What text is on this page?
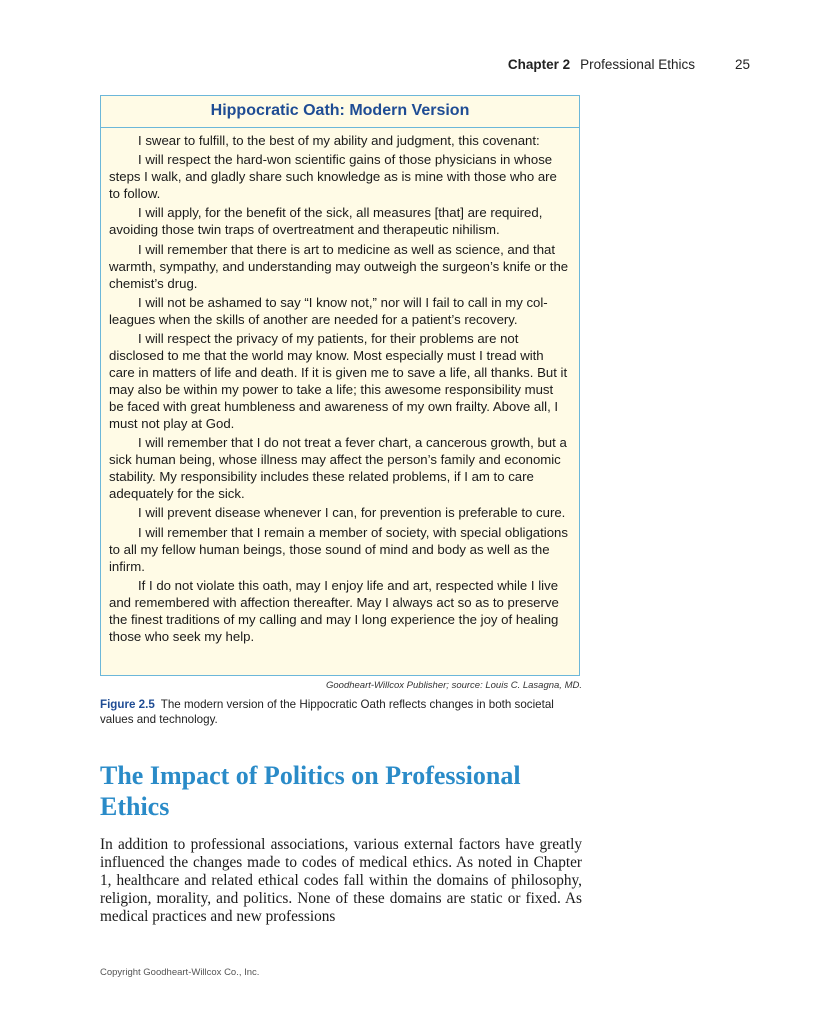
Chapter 2 Professional Ethics	25
Hippocratic Oath: Modern Version

I swear to fulfill, to the best of my ability and judgment, this covenant:

I will respect the hard-won scientific gains of those physicians in whose steps I walk, and gladly share such knowledge as is mine with those who are to follow.

I will apply, for the benefit of the sick, all measures [that] are required, avoiding those twin traps of overtreatment and therapeutic nihilism.

I will remember that there is art to medicine as well as science, and that warmth, sympathy, and understanding may outweigh the surgeon’s knife or the chemist’s drug.

I will not be ashamed to say “I know not,” nor will I fail to call in my col-leagues when the skills of another are needed for a patient’s recovery.

I will respect the privacy of my patients, for their problems are not disclosed to me that the world may know. Most especially must I tread with care in matters of life and death. If it is given me to save a life, all thanks. But it may also be within my power to take a life; this awesome responsibility must be faced with great humbleness and awareness of my own frailty. Above all, I must not play at God.

I will remember that I do not treat a fever chart, a cancerous growth, but a sick human being, whose illness may affect the person’s family and economic stability. My responsibility includes these related problems, if I am to care adequately for the sick.

I will prevent disease whenever I can, for prevention is preferable to cure.

I will remember that I remain a member of society, with special obligations to all my fellow human beings, those sound of mind and body as well as the infirm.

If I do not violate this oath, may I enjoy life and art, respected while I live and remembered with affection thereafter. May I always act so as to preserve the finest traditions of my calling and may I long experience the joy of healing those who seek my help.

Goodheart-Willcox Publisher; source: Louis C. Lasagna, MD.
Figure 2.5 The modern version of the Hippocratic Oath reflects changes in both societal values and technology.
The Impact of Politics on Professional Ethics

In addition to professional associations, various external factors have greatly influenced the changes made to codes of medical ethics. As noted in Chapter 1, healthcare and related ethical codes fall within the domains of philosophy, religion, morality, and politics. None of these domains are static or fixed. As medical practices and new professions

Copyright Goodheart-Willcox Co., Inc.
